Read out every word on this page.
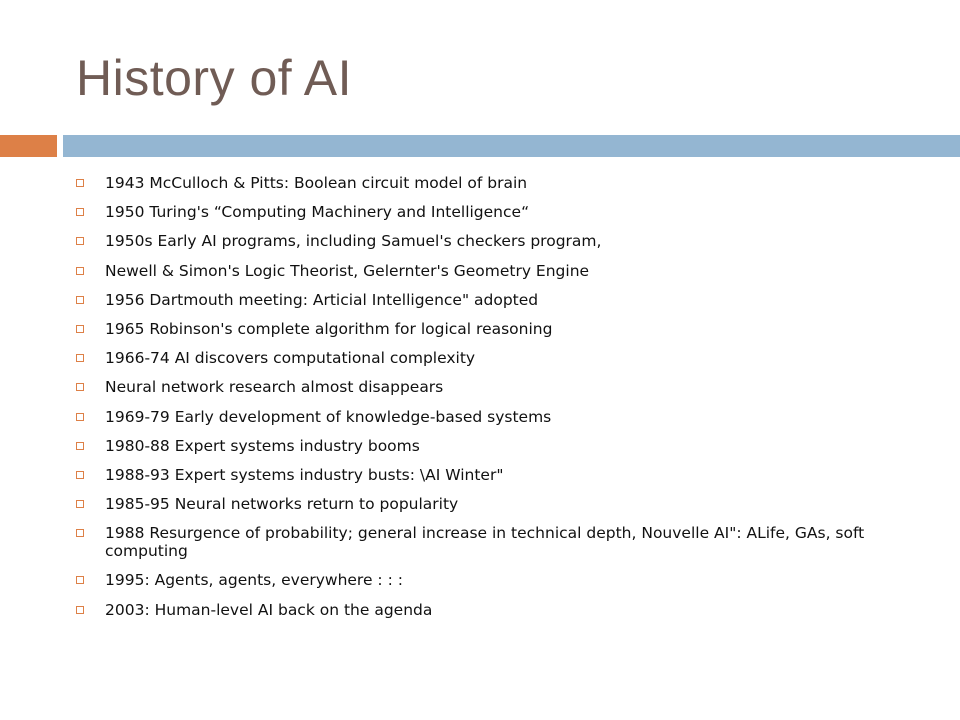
History of AI
1943 McCulloch & Pitts: Boolean circuit model of brain
1950 Turing's “Computing Machinery and Intelligence“
1950s Early AI programs, including Samuel's checkers program,
Newell & Simon's Logic Theorist, Gelernter's Geometry Engine
1956 Dartmouth meeting: Articial Intelligence" adopted
1965 Robinson's complete algorithm for logical reasoning
1966-74 AI discovers computational complexity
Neural network research almost disappears
1969-79 Early development of knowledge-based systems
1980-88 Expert systems industry booms
1988-93 Expert systems industry busts: \AI Winter"
1985-95 Neural networks return to popularity
1988 Resurgence of probability; general increase in technical depth, Nouvelle AI": ALife, GAs, soft computing
1995: Agents, agents, everywhere : : :
2003: Human-level AI back on the agenda
